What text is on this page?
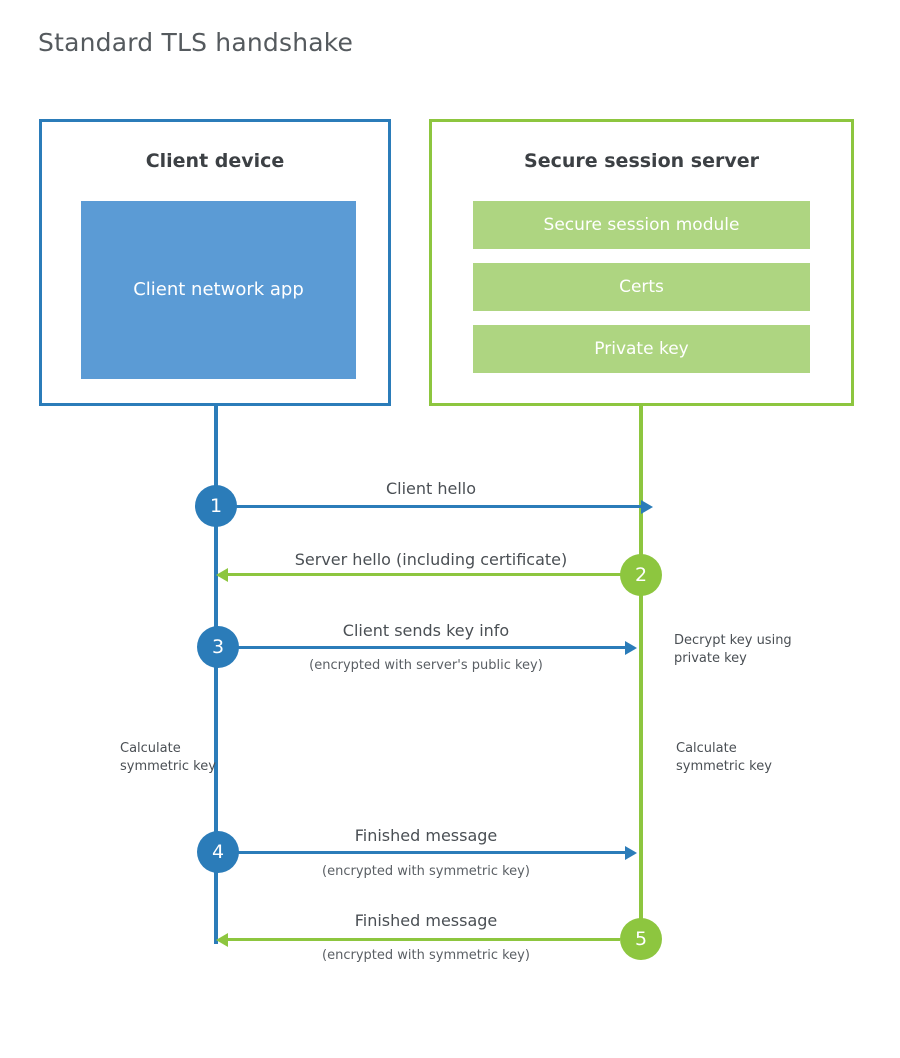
Standard TLS handshake
Client device
Client network app
Secure session server
Secure session module
Certs
Private key
Client hello
1
Server hello (including certificate)
2
Client sends key info
(encrypted with server's public key)
3	Decrypt key using
private key
Calculate
symmetric key
Calculate
symmetric key
Finished message
(encrypted with symmetric key)
4
Finished message
(encrypted with symmetric key)
5
